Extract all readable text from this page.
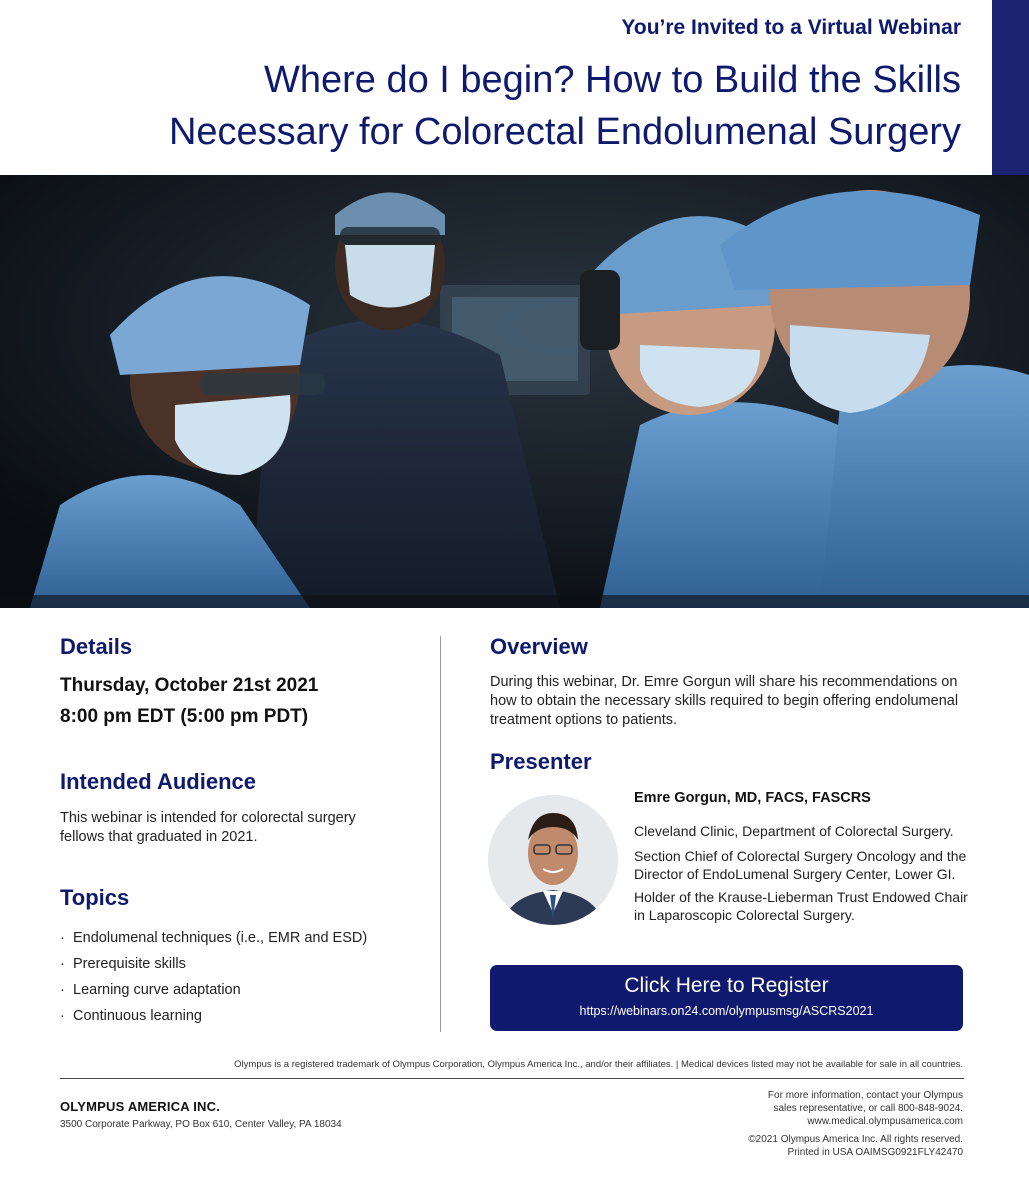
You’re Invited to a Virtual Webinar
Where do I begin? How to Build the Skills
Necessary for Colorectal Endolumenal Surgery
Details
Thursday, October 21st 2021
8:00 pm EDT (5:00 pm PDT)
Intended Audience
This webinar is intended for colorectal surgery fellows that graduated in 2021.
Topics
· Endolumenal techniques (i.e., EMR and ESD)
· Prerequisite skills
· Learning curve adaptation
· Continuous learning
Overview
During this webinar, Dr. Emre Gorgun will share his recommendations on how to obtain the necessary skills required to begin offering endolumenal treatment options to patients.
Presenter
Emre Gorgun, MD, FACS, FASCRS
Cleveland Clinic, Department of Colorectal Surgery.
Section Chief of Colorectal Surgery Oncology and the Director of EndoLumenal Surgery Center, Lower GI.
Holder of the Krause-Lieberman Trust Endowed Chair in Laparoscopic Colorectal Surgery.
Click Here to Register
https://webinars.on24.com/olympusmsg/ASCRS2021
Olympus is a registered trademark of Olympus Corporation, Olympus America Inc., and/or their affiliates. | Medical devices listed may not be available for sale in all countries.
OLYMPUS AMERICA INC.
3500 Corporate Parkway, PO Box 610, Center Valley, PA 18034
For more information, contact your Olympus
sales representative, or call 800-848-9024.
www.medical.olympusamerica.com
©2021 Olympus America Inc. All rights reserved.
Printed in USA OAIMSG0921FLY42470
